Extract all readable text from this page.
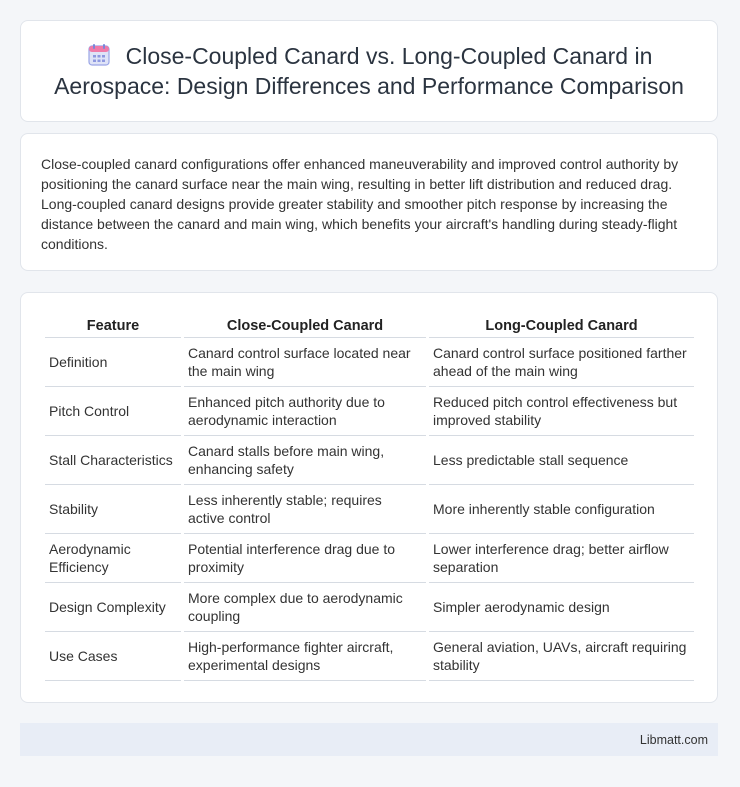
Close-Coupled Canard vs. Long-Coupled Canard in Aerospace: Design Differences and Performance Comparison

Close-coupled canard configurations offer enhanced maneuverability and improved control authority by positioning the canard surface near the main wing, resulting in better lift distribution and reduced drag. Long-coupled canard designs provide greater stability and smoother pitch response by increasing the distance between the canard and main wing, which benefits your aircraft's handling during steady-flight conditions.

Feature	Close-Coupled Canard	Long-Coupled Canard
Definition	Canard control surface located near the main wing	Canard control surface positioned farther ahead of the main wing
Pitch Control	Enhanced pitch authority due to aerodynamic interaction	Reduced pitch control effectiveness but improved stability
Stall Characteristics	Canard stalls before main wing, enhancing safety	Less predictable stall sequence
Stability	Less inherently stable; requires active control	More inherently stable configuration
Aerodynamic Efficiency	Potential interference drag due to proximity	Lower interference drag; better airflow separation
Design Complexity	More complex due to aerodynamic coupling	Simpler aerodynamic design
Use Cases	High-performance fighter aircraft, experimental designs	General aviation, UAVs, aircraft requiring stability
Libmatt.com
